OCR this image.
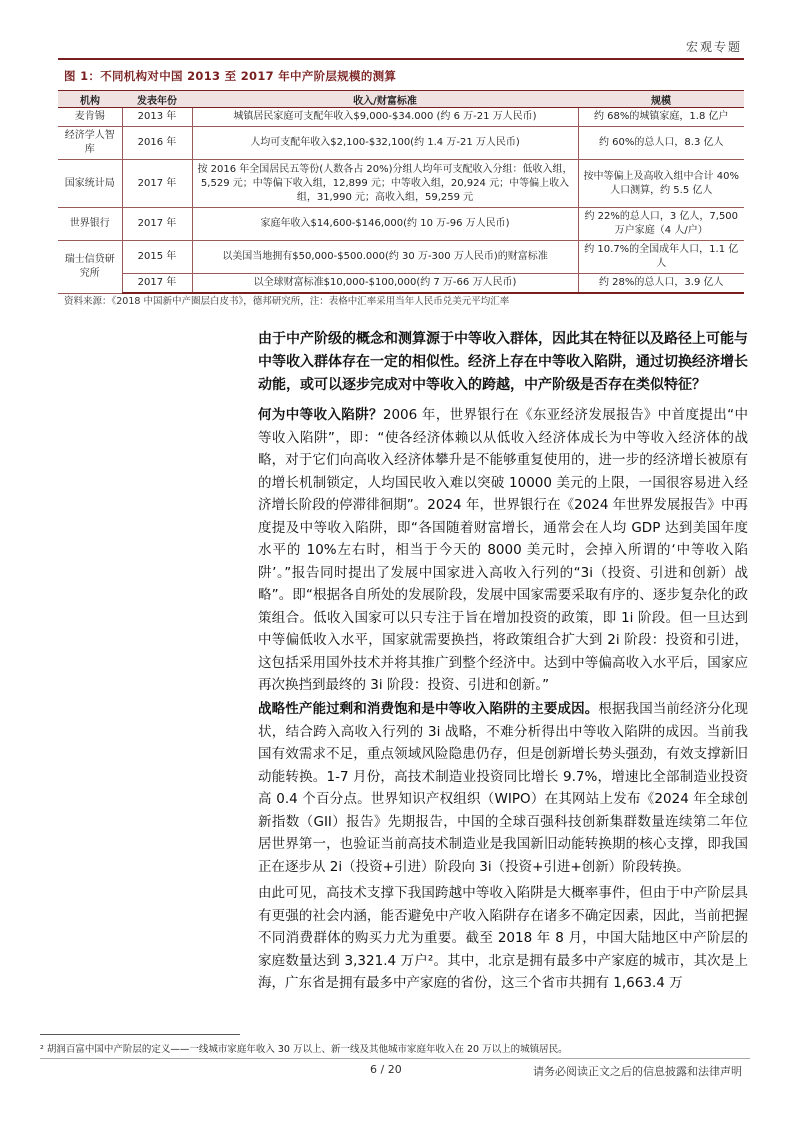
宏观专题
图 1：不同机构对中国 2013 至 2017 年中产阶层规模的测算
机构	发表年份	收入/财富标准	规模
麦肯锡	2013 年	城镇居民家庭可支配年收入$9,000-$34.000 (约 6 万-21 万人民币)	约 68%的城镇家庭，1.8 亿户
经济学人智库	2016 年	人均可支配年收入$2,100-$32,100(约 1.4 万-21 万人民币)	约 60%的总人口，8.3 亿人
国家统计局	2017 年	按 2016 年全国居民五等份(人数各占 20%)分组人均年可支配收入分组：低收入组，5,529 元；中等偏下收入组，12,899 元；中等收入组，20,924 元；中等偏上收入组，31,990 元；高收入组，59,259 元	按中等偏上及高收入组中合计 40%人口测算，约 5.5 亿人
世界银行	2017 年	家庭年收入$14,600-$146,000(约 10 万-96 万人民币)	约 22%的总人口，3 亿人，7,500 万户家庭（4 人/户）
瑞士信贷研究所	2015 年	以美国当地拥有$50,000-$500.000(约 30 万-300 万人民币)的财富标准	约 10.7%的全国成年人口，1.1 亿人
	2017 年	以全球财富标准$10,000-$100,000(约 7 万-66 万人民币)	约 28%的总人口，3.9 亿人
资料来源：《2018 中国新中产圈层白皮书》，德邦研究所，注：表格中汇率采用当年人民币兑美元平均汇率
由于中产阶级的概念和测算源于中等收入群体，因此其在特征以及路径上可能与中等收入群体存在一定的相似性。经济上存在中等收入陷阱，通过切换经济增长动能，或可以逐步完成对中等收入的跨越，中产阶级是否存在类似特征？
何为中等收入陷阱？2006 年，世界银行在《东亚经济发展报告》中首度提出“中等收入陷阱”，即：“使各经济体赖以从低收入经济体成长为中等收入经济体的战略，对于它们向高收入经济体攀升是不能够重复使用的，进一步的经济增长被原有的增长机制锁定，人均国民收入难以突破 10000 美元的上限，一国很容易进入经济增长阶段的停滞徘徊期”。2024 年，世界银行在《2024 年世界发展报告》中再度提及中等收入陷阱，即“各国随着财富增长，通常会在人均 GDP 达到美国年度水平的 10%左右时，相当于今天的 8000 美元时，会掉入所谓的‘中等收入陷阱’。”报告同时提出了发展中国家进入高收入行列的“3i（投资、引进和创新）战略”。即“根据各自所处的发展阶段，发展中国家需要采取有序的、逐步复杂化的政策组合。低收入国家可以只专注于旨在增加投资的政策，即 1i 阶段。但一旦达到中等偏低收入水平，国家就需要换挡，将政策组合扩大到 2i 阶段：投资和引进，这包括采用国外技术并将其推广到整个经济中。达到中等偏高收入水平后，国家应再次换挡到最终的 3i 阶段：投资、引进和创新。”
战略性产能过剩和消费饱和是中等收入陷阱的主要成因。根据我国当前经济分化现状，结合跨入高收入行列的 3i 战略，不难分析得出中等收入陷阱的成因。当前我国有效需求不足，重点领域风险隐患仍存，但是创新增长势头强劲，有效支撑新旧动能转换。1-7 月份，高技术制造业投资同比增长 9.7%，增速比全部制造业投资高 0.4 个百分点。世界知识产权组织（WIPO）在其网站上发布《2024 年全球创新指数（GII）报告》先期报告，中国的全球百强科技创新集群数量连续第二年位居世界第一，也验证当前高技术制造业是我国新旧动能转换期的核心支撑，即我国正在逐步从 2i（投资+引进）阶段向 3i（投资+引进+创新）阶段转换。
由此可见，高技术支撑下我国跨越中等收入陷阱是大概率事件，但由于中产阶层具有更强的社会内涵，能否避免中产收入陷阱存在诸多不确定因素，因此，当前把握不同消费群体的购买力尤为重要。截至 2018 年 8 月，中国大陆地区中产阶层的家庭数量达到 3,321.4 万户²。其中，北京是拥有最多中产家庭的城市，其次是上海，广东省是拥有最多中产家庭的省份，这三个省市共拥有 1,663.4 万
² 胡润百富中国中产阶层的定义——一线城市家庭年收入 30 万以上、新一线及其他城市家庭年收入在 20 万以上的城镇居民。
6 / 20	请务必阅读正文之后的信息披露和法律声明
